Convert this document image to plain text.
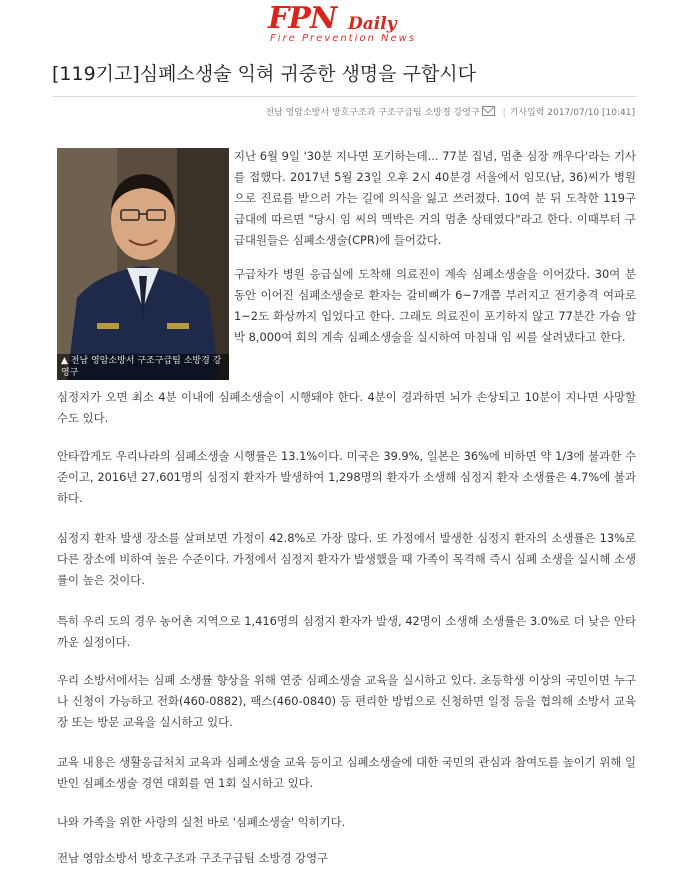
FPN Daily
Fire Prevention News
[119기고]심폐소생술 익혀 귀중한 생명을 구합시다
전남 영암소방서 방호구조과 구조구급팀 소방경 강영구	| 기사입력 2017/07/10 [10:41]
▲ 전남 영암소방서 구조구급팀 소방경 강영구

지난 6월 9일 '30분 지나면 포기하는데... 77분 집념, 멈춘 심장 깨우다'라는 기사를 접했다. 2017년 5월 23일 오후 2시 40분경 서울에서 임모(남, 36)씨가 병원으로 진료를 받으러 가는 길에 의식을 잃고 쓰러졌다. 10여 분 뒤 도착한 119구급대에 따르면 "당시 임 씨의 맥박은 거의 멈춘 상태였다"라고 한다. 이때부터 구급대원들은 심폐소생술(CPR)에 들어갔다.

구급차가 병원 응급실에 도착해 의료진이 계속 심폐소생술을 이어갔다. 30여 분 동안 이어진 심폐소생술로 환자는 갈비뼈가 6~7개쯤 부러지고 전기충격 여파로 1~2도 화상까지 입었다고 한다. 그래도 의료진이 포기하지 않고 77분간 가슴 압박 8,000여 회의 계속 심폐소생술을 실시하여 마침내 임 씨를 살려냈다고 한다.

심정지가 오면 최소 4분 이내에 심폐소생술이 시행돼야 한다. 4분이 경과하면 뇌가 손상되고 10분이 지나면 사망할 수도 있다.

안타깝게도 우리나라의 심폐소생술 시행률은 13.1%이다. 미국은 39.9%, 일본은 36%에 비하면 약 1/3에 불과한 수준이고, 2016년 27,601명의 심정지 환자가 발생하여 1,298명의 환자가 소생해 심정지 환자 소생률은 4.7%에 불과하다.

심정지 환자 발생 장소를 살펴보면 가정이 42.8%로 가장 많다. 또 가정에서 발생한 심정지 환자의 소생률은 13%로 다른 장소에 비하여 높은 수준이다. 가정에서 심정지 환자가 발생했을 때 가족이 목격해 즉시 심폐 소생을 실시해 소생률이 높은 것이다.

특히 우리 도의 경우 농어촌 지역으로 1,416명의 심정지 환자가 발생, 42명이 소생해 소생률은 3.0%로 더 낮은 안타까운 실정이다.

우리 소방서에서는 심폐 소생률 향상을 위해 연중 심폐소생술 교육을 실시하고 있다. 초등학생 이상의 국민이면 누구나 신청이 가능하고 전화(460-0882), 팩스(460-0840) 등 편리한 방법으로 신청하면 일정 등을 협의해 소방서 교육장 또는 방문 교육을 실시하고 있다.

교육 내용은 생활응급처치 교육과 심폐소생술 교육 등이고 심폐소생술에 대한 국민의 관심과 참여도를 높이기 위해 일반인 심폐소생술 경연 대회를 연 1회 실시하고 있다.

나와 가족을 위한 사랑의 실천 바로 '심폐소생술' 익히기다.

전남 영암소방서 방호구조과 구조구급팀 소방경 강영구
